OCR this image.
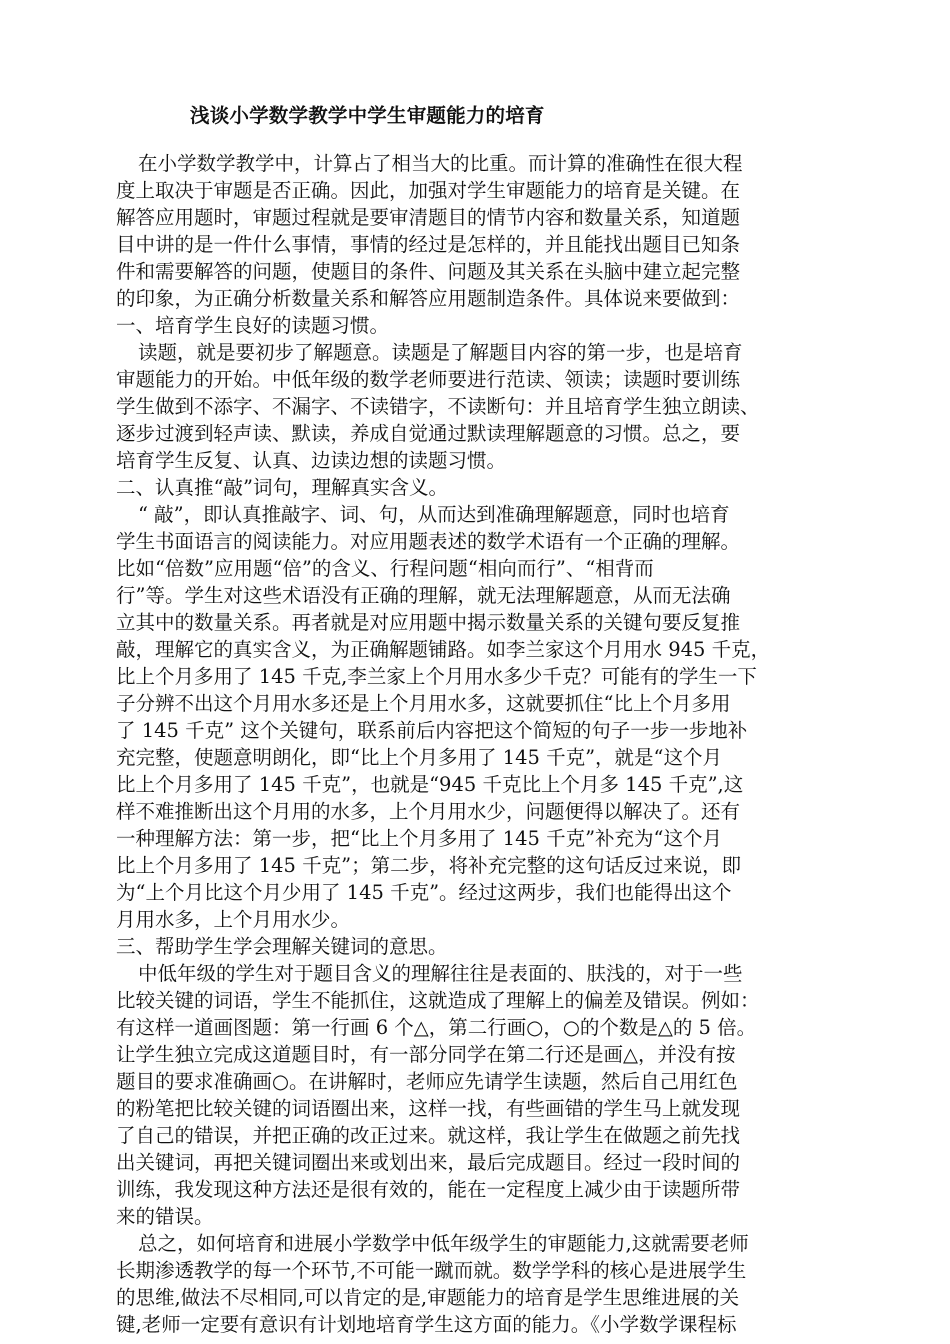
浅谈小学数学教学中学生审题能力的培育
在小学数学教学中，计算占了相当大的比重。而计算的准确性在很大程
度上取决于审题是否正确。因此，加强对学生审题能力的培育是关键。在
解答应用题时，审题过程就是要审清题目的情节内容和数量关系，知道题
目中讲的是一件什么事情，事情的经过是怎样的，并且能找出题目已知条
件和需要解答的问题，使题目的条件、问题及其关系在头脑中建立起完整
的印象，为正确分析数量关系和解答应用题制造条件。具体说来要做到：
一、培育学生良好的读题习惯。
读题，就是要初步了解题意。读题是了解题目内容的第一步，也是培育
审题能力的开始。中低年级的数学老师要进行范读、领读；读题时要训练
学生做到不添字、不漏字、不读错字，不读断句：并且培育学生独立朗读、
逐步过渡到轻声读、默读，养成自觉通过默读理解题意的习惯。总之，要
培育学生反复、认真、边读边想的读题习惯。
二、认真推“敲”词句，理解真实含义。
“ 敲”，即认真推敲字、词、句，从而达到准确理解题意，同时也培育
学生书面语言的阅读能力。对应用题表述的数学术语有一个正确的理解。
比如“倍数”应用题“倍”的含义、行程问题“相向而行”、“相背而
行”等。学生对这些术语没有正确的理解，就无法理解题意，从而无法确
立其中的数量关系。再者就是对应用题中揭示数量关系的关键句要反复推
敲，理解它的真实含义，为正确解题铺路。如李兰家这个月用水 945 千克，
比上个月多用了 145 千克,李兰家上个月用水多少千克？可能有的学生一下
子分辨不出这个月用水多还是上个月用水多，这就要抓住“比上个月多用
了 145 千克” 这个关键句，联系前后内容把这个简短的句子一步一步地补
充完整，使题意明朗化，即“比上个月多用了 145 千克”，就是“这个月
比上个月多用了 145 千克”，也就是“945 千克比上个月多 145 千克”,这
样不难推断出这个月用的水多，上个月用水少，问题便得以解决了。还有
一种理解方法：第一步，把“比上个月多用了 145 千克”补充为“这个月
比上个月多用了 145 千克”；第二步，将补充完整的这句话反过来说，即
为“上个月比这个月少用了 145 千克”。经过这两步，我们也能得出这个
月用水多，上个月用水少。
三、帮助学生学会理解关键词的意思。
中低年级的学生对于题目含义的理解往往是表面的、肤浅的，对于一些
比较关键的词语，学生不能抓住，这就造成了理解上的偏差及错误。例如：
有这样一道画图题：第一行画 6 个△，第二行画○，○的个数是△的 5 倍。
让学生独立完成这道题目时，有一部分同学在第二行还是画△，并没有按
题目的要求准确画○。在讲解时，老师应先请学生读题，然后自己用红色
的粉笔把比较关键的词语圈出来，这样一找，有些画错的学生马上就发现
了自己的错误，并把正确的改正过来。就这样，我让学生在做题之前先找
出关键词，再把关键词圈出来或划出来，最后完成题目。经过一段时间的
训练，我发现这种方法还是很有效的，能在一定程度上减少由于读题所带
来的错误。
总之，如何培育和进展小学数学中低年级学生的审题能力,这就需要老师
长期渗透教学的每一个环节,不可能一蹴而就。数学学科的核心是进展学生
的思维,做法不尽相同,可以肯定的是,审题能力的培育是学生思维进展的关
键,老师一定要有意识有计划地培育学生这方面的能力。《小学数学课程标
